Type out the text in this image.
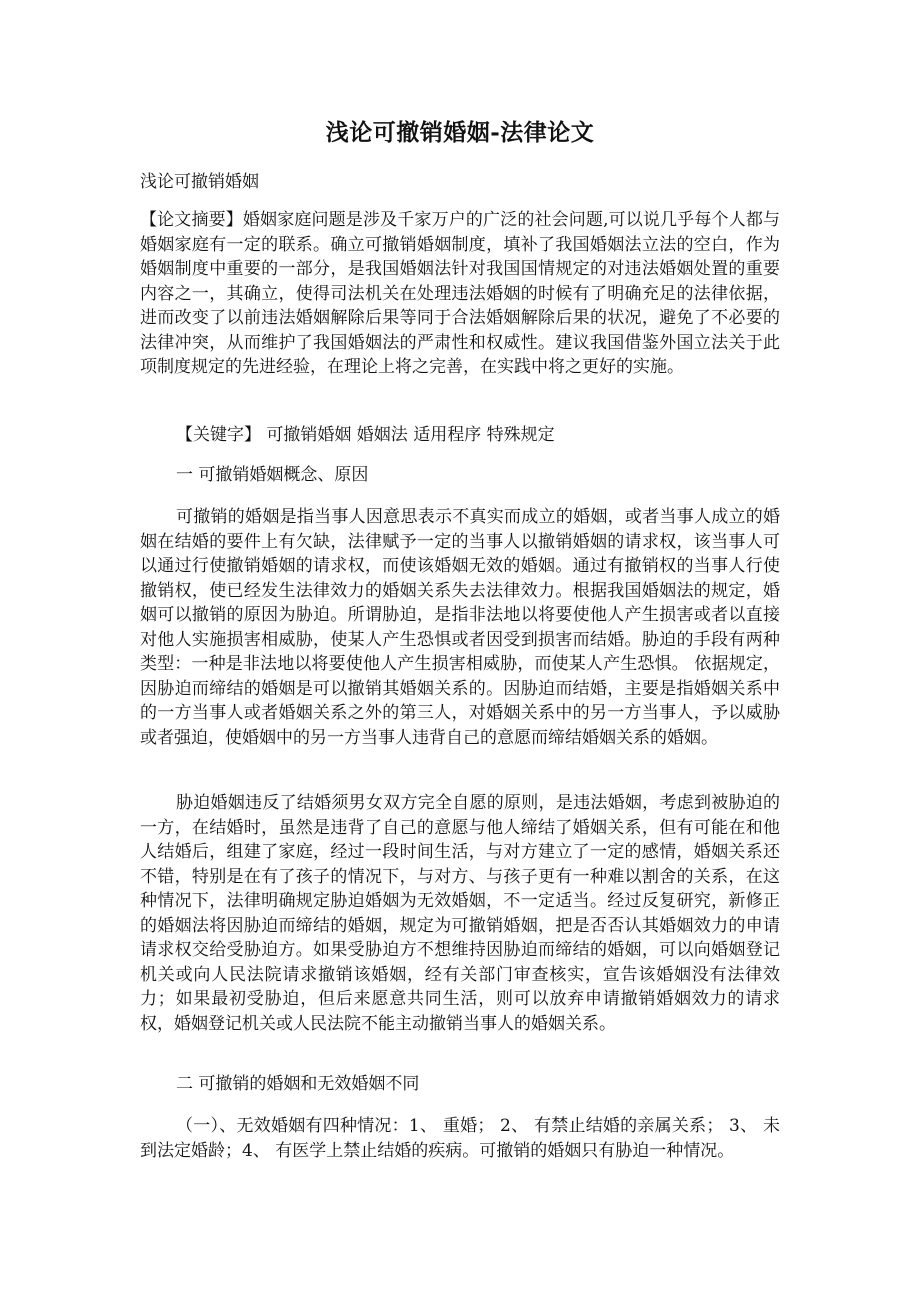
浅论可撤销婚姻-法律论文

浅论可撤销婚姻

【论文摘要】婚姻家庭问题是涉及千家万户的广泛的社会问题,可以说几乎每个人都与婚姻家庭有一定的联系。确立可撤销婚姻制度，填补了我国婚姻法立法的空白，作为婚姻制度中重要的一部分，是我国婚姻法针对我国国情规定的对违法婚姻处置的重要内容之一，其确立，使得司法机关在处理违法婚姻的时候有了明确充足的法律依据，进而改变了以前违法婚姻解除后果等同于合法婚姻解除后果的状况，避免了不必要的法律冲突，从而维护了我国婚姻法的严肃性和权威性。建议我国借鉴外国立法关于此项制度规定的先进经验，在理论上将之完善，在实践中将之更好的实施。

【关键字】 可撤销婚姻 婚姻法 适用程序 特殊规定

一 可撤销婚姻概念、原因

可撤销的婚姻是指当事人因意思表示不真实而成立的婚姻，或者当事人成立的婚姻在结婚的要件上有欠缺，法律赋予一定的当事人以撤销婚姻的请求权，该当事人可以通过行使撤销婚姻的请求权，而使该婚姻无效的婚姻。通过有撤销权的当事人行使撤销权，使已经发生法律效力的婚姻关系失去法律效力。根据我国婚姻法的规定，婚姻可以撤销的原因为胁迫。所谓胁迫，是指非法地以将要使他人产生损害或者以直接对他人实施损害相威胁，使某人产生恐惧或者因受到损害而结婚。胁迫的手段有两种类型：一种是非法地以将要使他人产生损害相威胁，而使某人产生恐惧。 依据规定，因胁迫而缔结的婚姻是可以撤销其婚姻关系的。因胁迫而结婚，主要是指婚姻关系中的一方当事人或者婚姻关系之外的第三人，对婚姻关系中的另一方当事人，予以威胁或者强迫，使婚姻中的另一方当事人违背自己的意愿而缔结婚姻关系的婚姻。

胁迫婚姻违反了结婚须男女双方完全自愿的原则，是违法婚姻，考虑到被胁迫的一方，在结婚时，虽然是违背了自己的意愿与他人缔结了婚姻关系，但有可能在和他人结婚后，组建了家庭，经过一段时间生活，与对方建立了一定的感情，婚姻关系还不错，特别是在有了孩子的情况下，与对方、与孩子更有一种难以割舍的关系，在这种情况下，法律明确规定胁迫婚姻为无效婚姻，不一定适当。经过反复研究，新修正的婚姻法将因胁迫而缔结的婚姻，规定为可撤销婚姻，把是否否认其婚姻效力的申请请求权交给受胁迫方。如果受胁迫方不想维持因胁迫而缔结的婚姻，可以向婚姻登记机关或向人民法院请求撤销该婚姻，经有关部门审查核实，宣告该婚姻没有法律效力；如果最初受胁迫，但后来愿意共同生活，则可以放弃申请撤销婚姻效力的请求权，婚姻登记机关或人民法院不能主动撤销当事人的婚姻关系。

二 可撤销的婚姻和无效婚姻不同

（一）、无效婚姻有四种情况：1、 重婚； 2、 有禁止结婚的亲属关系； 3、 未到法定婚龄；4、 有医学上禁止结婚的疾病。可撤销的婚姻只有胁迫一种情况。
